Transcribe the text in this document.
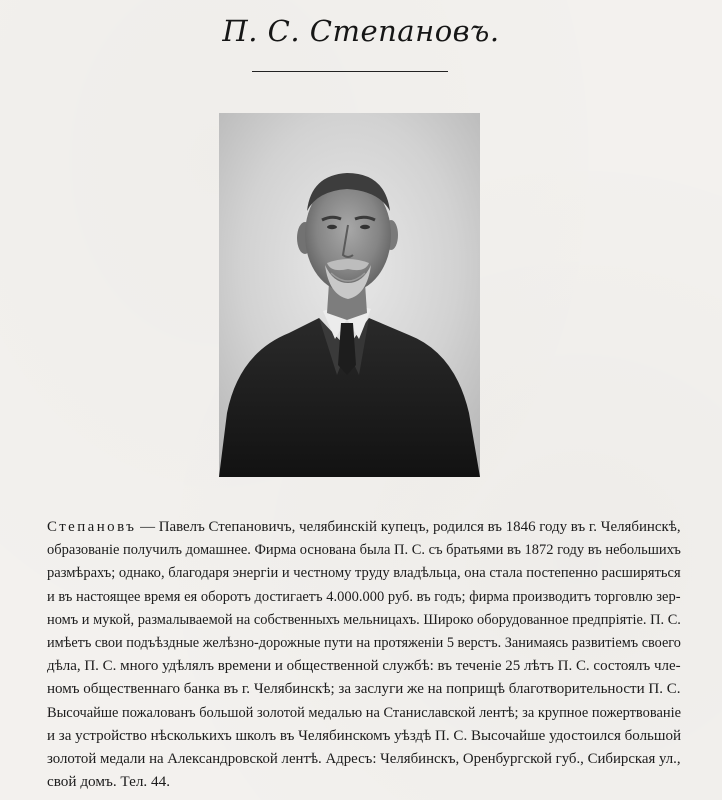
П. С. Степановъ.
Степановъ — Павелъ Степановичъ, челябинскiй купецъ, родился въ 1846 году въ г. Челябинскѣ,
образованiе получилъ домашнее. Фирма основана была П. С. съ братьями въ 1872 году въ небольшихъ
размѣрахъ; однако, благодаря энергiи и честному труду владѣльца, она стала постепенно расширяться
и въ настоящее время ея оборотъ достигаетъ 4.000.000 руб. въ годъ; фирма производитъ торговлю зер-
номъ и мукой, размалываемой на собственныхъ мельницахъ. Широко оборудованное предпрiятiе. П. С.
имѣетъ свои подъѣздные желѣзно-дорожные пути на протяженiи 5 верстъ. Занимаясь развитiемъ своего
дѣла, П. С. много удѣлялъ времени и общественной службѣ: въ теченiе 25 лѣтъ П. С. состоялъ чле-
номъ общественнаго банка въ г. Челябинскѣ; за заслуги же на поприщѣ благотворительности П. С.
Высочайше пожалованъ большой золотой медалью на Станиславской лентѣ; за крупное пожертвованiе
и за устройство нѣсколькихъ школъ въ Челябинскомъ уѣздѣ П. С. Высочайше удостоился большой
золотой медали на Александровской лентѣ. Адресъ: Челябинскъ, Оренбургской губ., Сибирская ул.,
свой домъ. Тел. 44.
